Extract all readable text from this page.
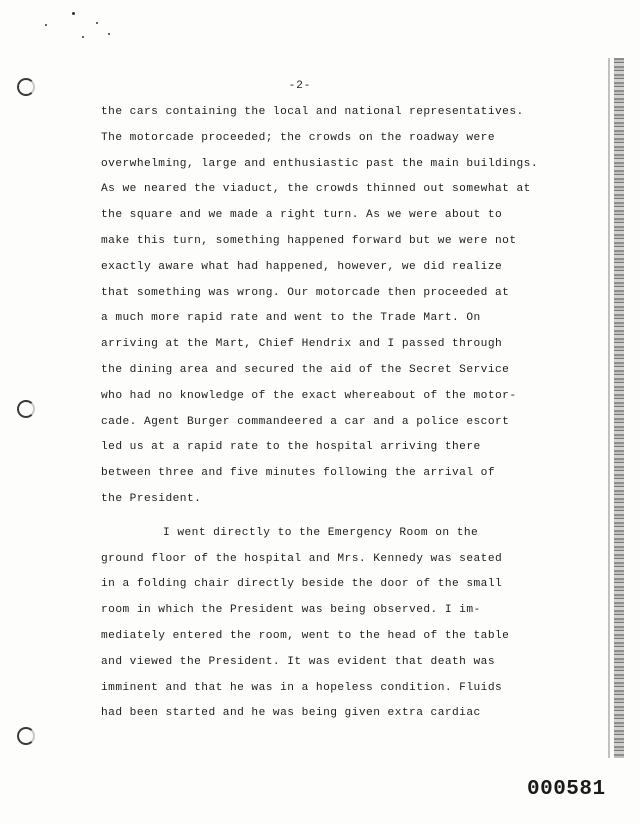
-2-
the cars containing the local and national representatives.
The motorcade proceeded; the crowds on the roadway were
overwhelming, large and enthusiastic past the main buildings.
As we neared the viaduct, the crowds thinned out somewhat at
the square and we made a right turn. As we were about to
make this turn, something happened forward but we were not
exactly aware what had happened, however, we did realize
that something was wrong. Our motorcade then proceeded at
a much more rapid rate and went to the Trade Mart. On
arriving at the Mart, Chief Hendrix and I passed through
the dining area and secured the aid of the Secret Service
who had no knowledge of the exact whereabout of the motor-
cade. Agent Burger commandeered a car and a police escort
led us at a rapid rate to the hospital arriving there
between three and five minutes following the arrival of
the President.
I went directly to the Emergency Room on the
ground floor of the hospital and Mrs. Kennedy was seated
in a folding chair directly beside the door of the small
room in which the President was being observed. I im-
mediately entered the room, went to the head of the table
and viewed the President. It was evident that death was
imminent and that he was in a hopeless condition. Fluids
had been started and he was being given extra cardiac
000581
